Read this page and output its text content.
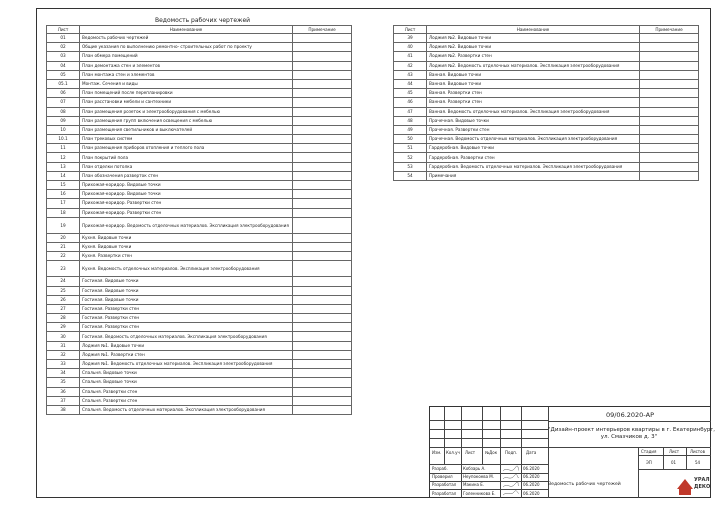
Ведомость рабочих чертежей
Лист	Наименование	Примечание
01	Ведомость рабочих чертежей	
02	Общие указания по выполнению ремонтно- строительных работ по проекту	
03	План обмера помещений	
04	План демонтажа стен и элементов	
05	План монтажа стен и элементов	
05.1	Монтаж. Сечения и виды	
06	План помещений после перепланировки	
07	План расстановки мебели и сантехники	
08	План размещения розеток и электрооборудования с мебелью	
09	План размещения групп включения освещения с мебелью	
10	План размещения светильников и выключателей	
10.1	План трековых систем	
11	План размещения приборов отопления и теплого пола	
12	План покрытий пола	
13	План отделки потолка	
14	План обозначения разверток стен	
15	Прихожая-коридор. Видовые точки	
16	Прихожая-коридор. Видовые точки	
17	Прихожая-коридор. Развертки стен	
18	Прихожая-коридор. Развертки стен	
19	Прихожая-коридор. Ведомость отделочных материалов. Экспликация электрооборудования	
20	Кухня. Видовые точки	
21	Кухня. Видовые точки	
22	Кухня. Развертки стен	
23	Кухня. Ведомость отделочных материалов. Экспликация электрооборудования	
24	Гостиная. Видовые точки	
25	Гостиная. Видовые точки	
26	Гостиная. Видовые точки	
27	Гостиная. Развертки стен	
28	Гостиная. Развертки стен	
29	Гостиная. Развертки стен	
30	Гостиная. Ведомость отделочных материалов. Экспликация электрооборудования	
31	Лоджия №1. Видовые точки	
32	Лоджия №1. Развертки стен	
33	Лоджия №1. Ведомость отделочных материалов. Экспликация электрооборудования	
34	Спальня. Видовые точки	
35	Спальня. Видовые точки	
36	Спальня. Развертки стен	
37	Спальня. Развертки стен	
38	Спальня. Ведомость отделочных материалов. Экспликация электрооборудования	
Лист	Наименование	Примечание
39	Лоджия №2. Видовые точки	
40	Лоджия №2. Видовые точки	
41	Лоджия №2. Развертки стен	
42	Лоджия №2. Ведомость отделочных материалов. Экспликация электрооборудования	
43	Ванная. Видовые точки	
44	Ванная. Видовые точки	
45	Ванная. Развертки стен	
46	Ванная. Развертки стен	
47	Ванная. Ведомость отделочных материалов. Экспликация электрооборудования	
48	Прачечная. Видовые точки	
49	Прачечная. Развертки стен	
50	Прачечная. Ведомость отделочных материалов. Экспликация электрооборудования	
51	Гардеробная. Видовые точки	
52	Гардеробная. Развертки стен	
53	Гардеробная. Ведомость отделочных материалов. Экспликация электрооборудования	
54	Примечания	
Изм. Кол.уч Лист №Док Подп. Дата
Разраб.	Кобзарь А.	06.2020
Проверил	Неупокоева М.	06.2020
Разработал Макина Е.	06.2020
Разработал Голенникова Е.	06.2020
09/06.2020-АР
"Дизайн-проект интерьеров квартиры в г. Екатеринбург,
ул. Смазчиков д. 3"
Стадия	Лист	Листов
ЭП	01	54
Ведомость рабочих чертежей
УРАЛ
ДЕКО
